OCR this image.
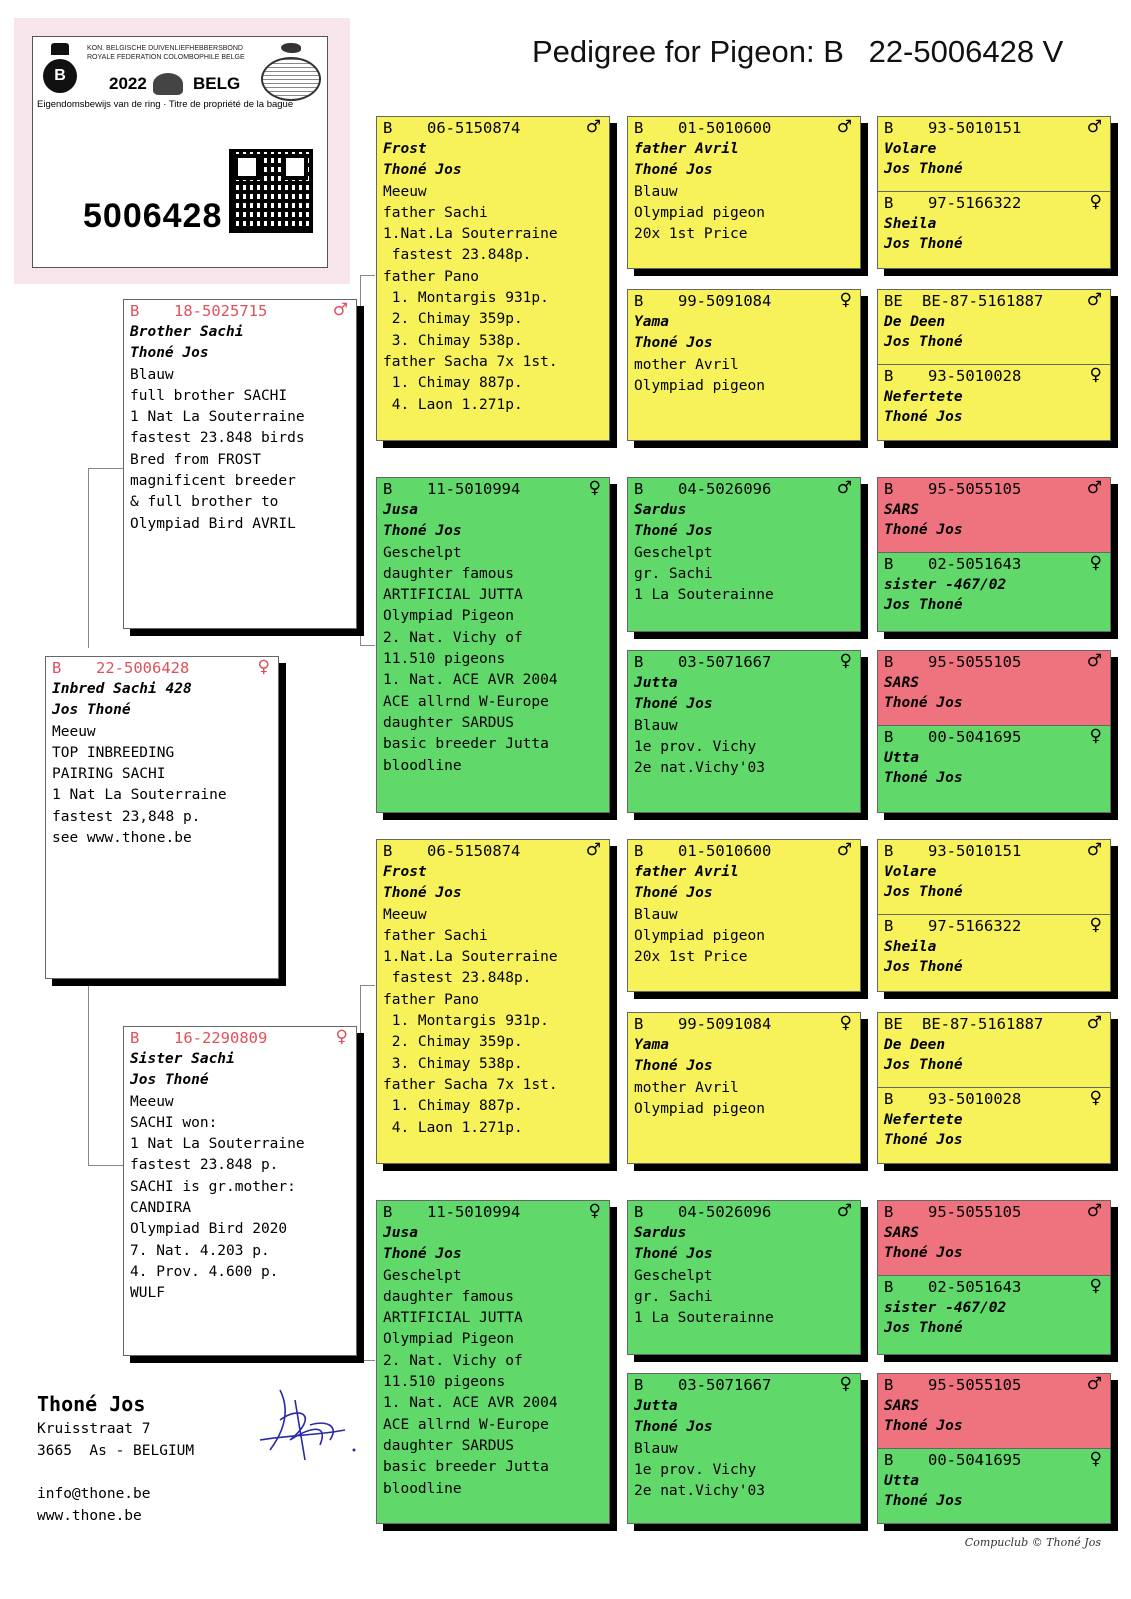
Pedigree for Pigeon: B 22-5006428 V
B
KON. BELGISCHE DUIVENLIEFHEBBERSBOND
ROYALE FEDERATION COLOMBOPHILE BELGE
2022	BELG
Eigendomsbewijs van de ring · Titre de propriété de la bague
5006428
B 22-5006428	♀
Inbred Sachi 428
Jos Thoné
Meeuw
TOP INBREEDING
PAIRING SACHI
1 Nat La Souterraine
fastest 23,848 p.
see www.thone.be
B 18-5025715	♂
Brother Sachi
Thoné Jos
Blauw
full brother SACHI
1 Nat La Souterraine
fastest 23.848 birds
Bred from FROST
magnificent breeder
& full brother to
Olympiad Bird AVRIL
B 16-2290809	♀
Sister Sachi
Jos Thoné
Meeuw
SACHI won:
1 Nat La Souterraine
fastest 23.848 p.
SACHI is gr.mother:
CANDIRA
Olympiad Bird 2020
7. Nat. 4.203 p.
4. Prov. 4.600 p.
WULF
B 06-5150874	♂
Frost
Thoné Jos
Meeuw
father Sachi
1.Nat.La Souterraine
fastest 23.848p.
father Pano
1. Montargis 931p.
2. Chimay 359p.
3. Chimay 538p.
father Sacha 7x 1st.
1. Chimay 887p.
4. Laon 1.271p.
B 11-5010994	♀
Jusa
Thoné Jos
Geschelpt
daughter famous
ARTIFICIAL JUTTA
Olympiad Pigeon
2. Nat. Vichy of
11.510 pigeons
1. Nat. ACE AVR 2004
ACE allrnd W-Europe
daughter SARDUS
basic breeder Jutta
bloodline
B 06-5150874	♂
Frost
Thoné Jos
Meeuw
father Sachi
1.Nat.La Souterraine
fastest 23.848p.
father Pano
1. Montargis 931p.
2. Chimay 359p.
3. Chimay 538p.
father Sacha 7x 1st.
1. Chimay 887p.
4. Laon 1.271p.
B 11-5010994	♀
Jusa
Thoné Jos
Geschelpt
daughter famous
ARTIFICIAL JUTTA
Olympiad Pigeon
2. Nat. Vichy of
11.510 pigeons
1. Nat. ACE AVR 2004
ACE allrnd W-Europe
daughter SARDUS
basic breeder Jutta
bloodline
B 01-5010600	♂
father Avril
Thoné Jos
Blauw
Olympiad pigeon
20x 1st Price
B 99-5091084	♀
Yama
Thoné Jos
mother Avril
Olympiad pigeon
B 04-5026096	♂
Sardus
Thoné Jos
Geschelpt
gr. Sachi
1 La Souterainne
B 03-5071667	♀
Jutta
Thoné Jos
Blauw
1e prov. Vichy
2e nat.Vichy'03
B 01-5010600	♂
father Avril
Thoné Jos
Blauw
Olympiad pigeon
20x 1st Price
B 99-5091084	♀
Yama
Thoné Jos
mother Avril
Olympiad pigeon
B 04-5026096	♂
Sardus
Thoné Jos
Geschelpt
gr. Sachi
1 La Souterainne
B 03-5071667	♀
Jutta
Thoné Jos
Blauw
1e prov. Vichy
2e nat.Vichy'03
B 93-5010151	♂
Volare
Jos Thoné
B 97-5166322	♀
Sheila
Jos Thoné
BE BE-87-5161887	♂
De Deen
Jos Thoné
B 93-5010028	♀
Nefertete
Thoné Jos
B 95-5055105	♂
SARS
Thoné Jos
B 02-5051643	♀
sister -467/02
Jos Thoné
B 95-5055105	♂
SARS
Thoné Jos
B 00-5041695	♀
Utta
Thoné Jos
B 93-5010151	♂
Volare
Jos Thoné
B 97-5166322	♀
Sheila
Jos Thoné
BE BE-87-5161887	♂
De Deen
Jos Thoné
B 93-5010028	♀
Nefertete
Thoné Jos
B 95-5055105	♂
SARS
Thoné Jos
B 02-5051643	♀
sister -467/02
Jos Thoné
B 95-5055105	♂
SARS
Thoné Jos
B 00-5041695	♀
Utta
Thoné Jos
Thoné Jos
Kruisstraat 7
3665  As - BELGIUM
info@thone.be
www.thone.be
Compuclub © Thoné Jos
